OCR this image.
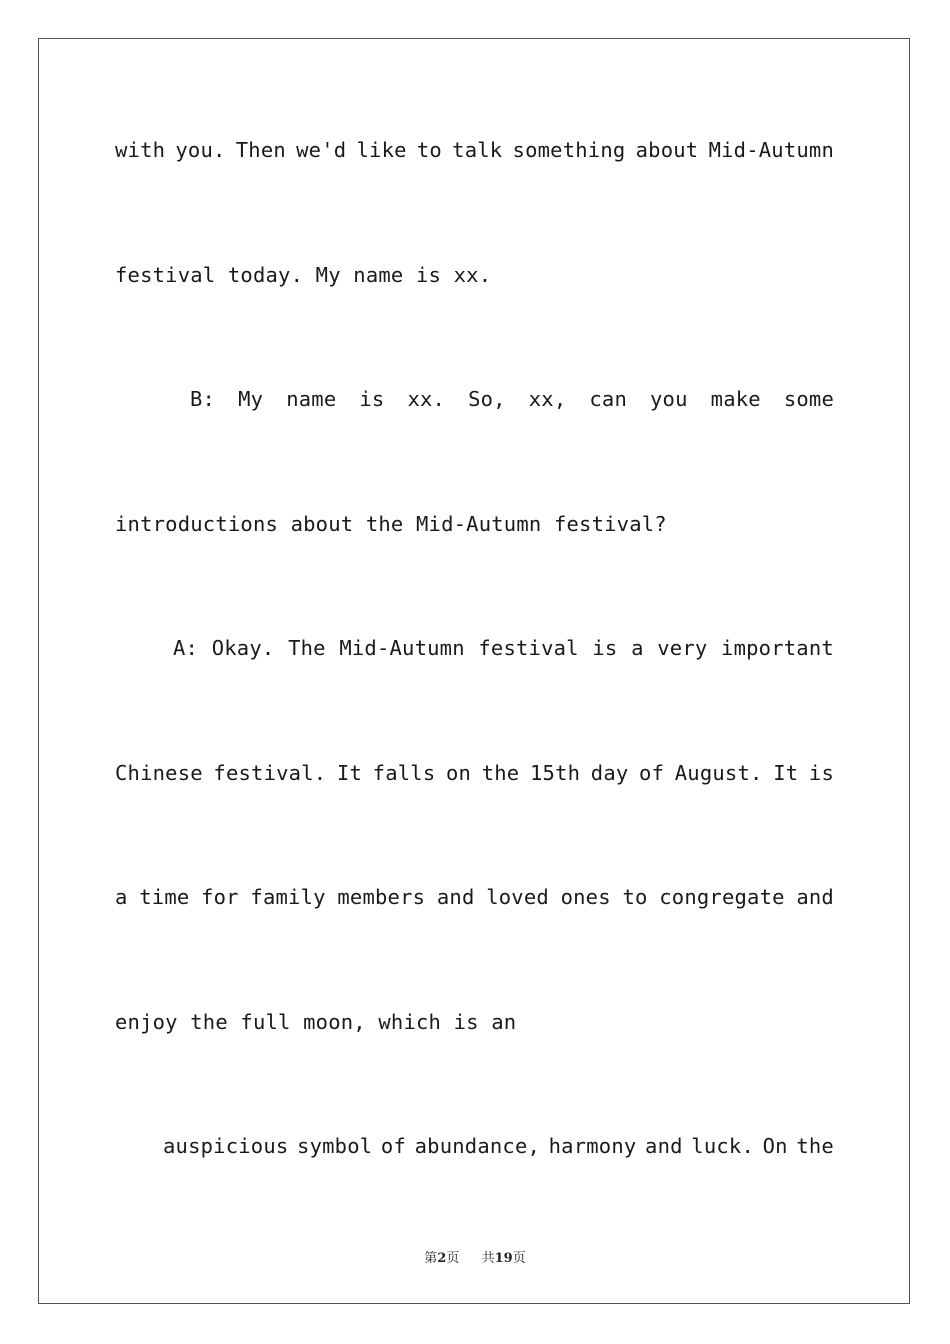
with you. Then we'd like to talk something about Mid-Autumn
festival today. My name is xx.
B: My name is xx. So, xx, can you make some
introductions about the Mid-Autumn festival?
A: Okay. The Mid-Autumn festival is a very important
Chinese festival. It falls on the 15th day of August. It is
a time for family members and loved ones to congregate and
enjoy the full moon, which is an
auspicious symbol of abundance, harmony and luck. On the
第2页 共19页
